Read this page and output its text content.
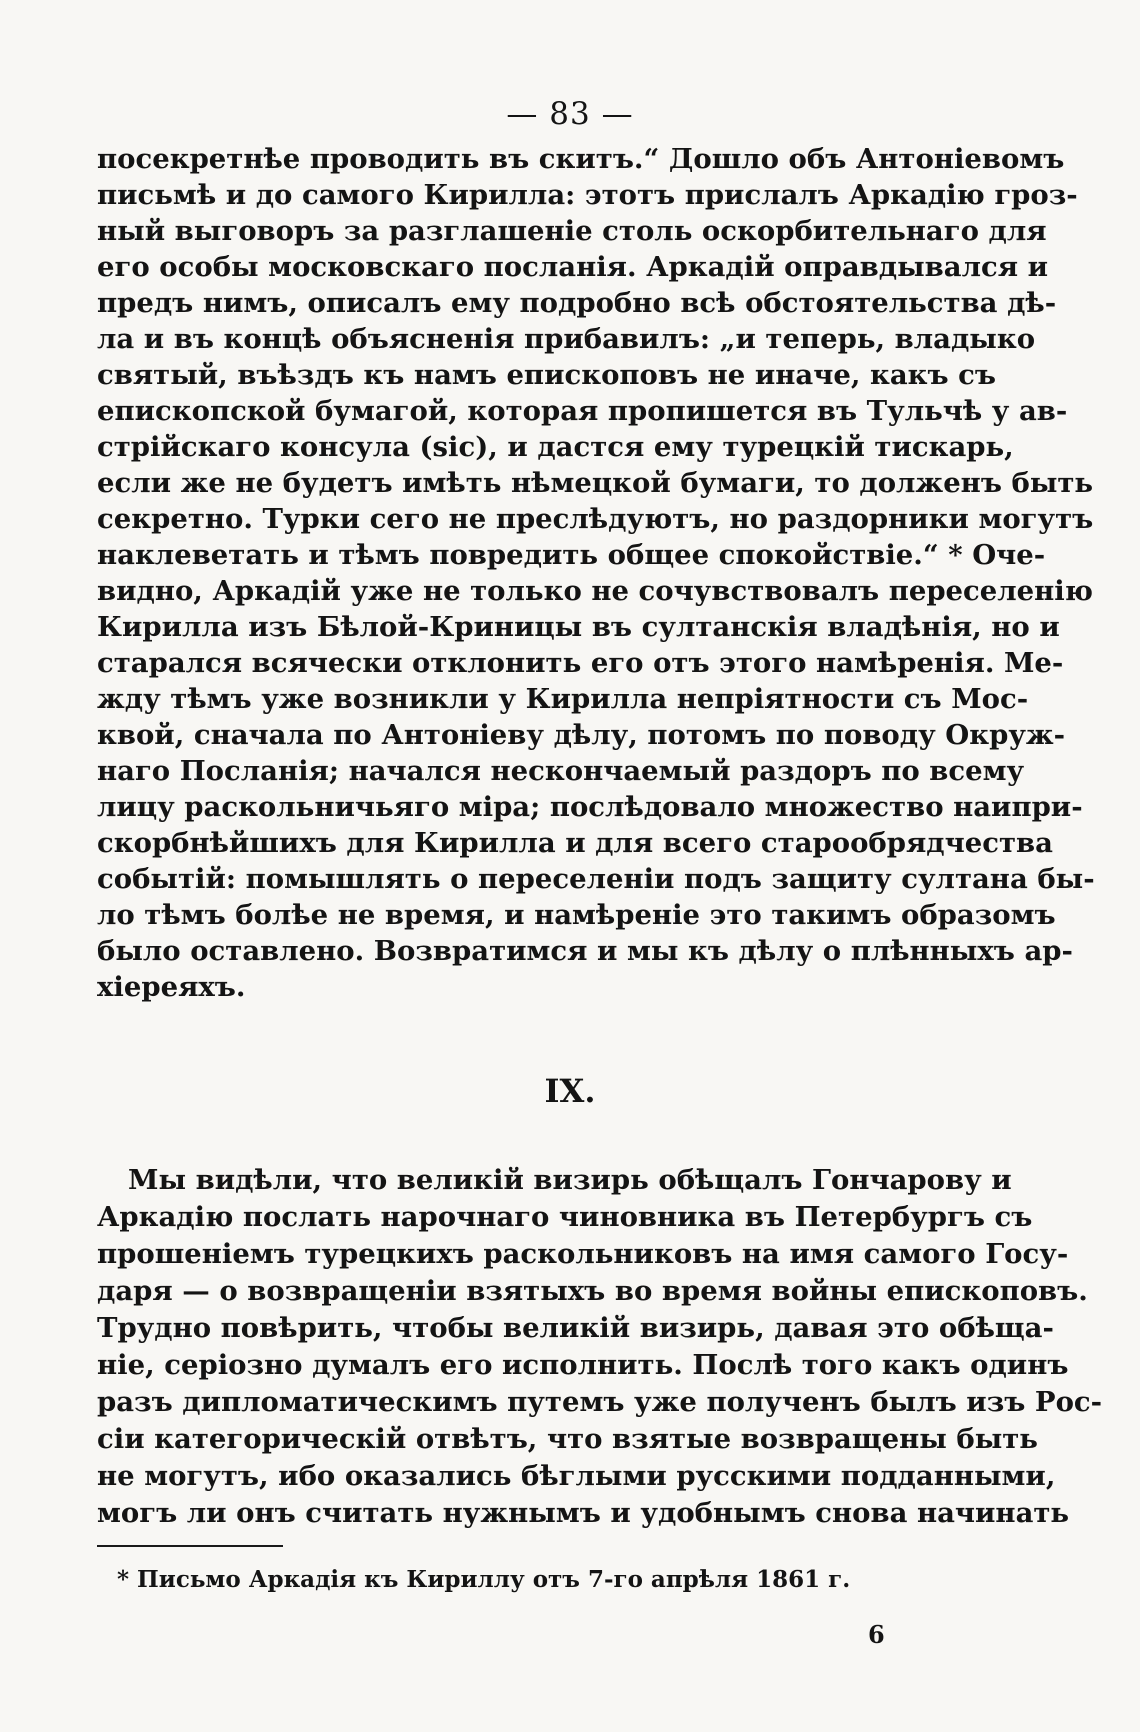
— 83 —
посекретнѣе проводить въ скитъ.“ Дошло объ Антоніевомъ
письмѣ и до самого Кирилла: этотъ прислалъ Аркадію гроз-
ный выговоръ за разглашеніе столь оскорбительнаго для
его особы московскаго посланія. Аркадій оправдывался и
предъ нимъ, описалъ ему подробно всѣ обстоятельства дѣ-
ла и въ концѣ объясненія прибавилъ: „и теперь, владыко
святый, въѣздъ къ намъ епископовъ не иначе, какъ съ
епископской бумагой, которая пропишется въ Тульчѣ у ав-
стрійскаго консула (sic), и дастся ему турецкій тискарь,
если же не будетъ имѣть нѣмецкой бумаги, то долженъ быть
секретно. Турки сего не преслѣдуютъ, но раздорники могутъ
наклеветать и тѣмъ повредить общее спокойствіе.“ * Оче-
видно, Аркадій уже не только не сочувствовалъ переселенію
Кирилла изъ Бѣлой-Криницы въ султанскія владѣнія, но и
старался всячески отклонить его отъ этого намѣренія. Ме-
жду тѣмъ уже возникли у Кирилла непріятности съ Мос-
квой, сначала по Антоніеву дѣлу, потомъ по поводу Окруж-
наго Посланія; начался нескончаемый раздоръ по всему
лицу раскольничьяго міра; послѣдовало множество наипри-
скорбнѣйшихъ для Кирилла и для всего старообрядчества
событій: помышлять о переселеніи подъ защиту султана бы-
ло тѣмъ болѣе не время, и намѣреніе это такимъ образомъ
было оставлено. Возвратимся и мы къ дѣлу о плѣнныхъ ар-
хіереяхъ.
IX.
Мы видѣли, что великій визирь обѣщалъ Гончарову и
Аркадію послать нарочнаго чиновника въ Петербургъ съ
прошеніемъ турецкихъ раскольниковъ на имя самого Госу-
даря — о возвращеніи взятыхъ во время войны епископовъ.
Трудно повѣрить, чтобы великій визирь, давая это обѣща-
ніе, серіозно думалъ его исполнить. Послѣ того какъ одинъ
разъ дипломатическимъ путемъ уже полученъ былъ изъ Рос-
сіи категорическій отвѣтъ, что взятые возвращены быть
не могутъ, ибо оказались бѣглыми русскими подданными,
могъ ли онъ считать нужнымъ и удобнымъ снова начинать
* Письмо Аркадія къ Кириллу отъ 7-го апрѣля 1861 г.
6
